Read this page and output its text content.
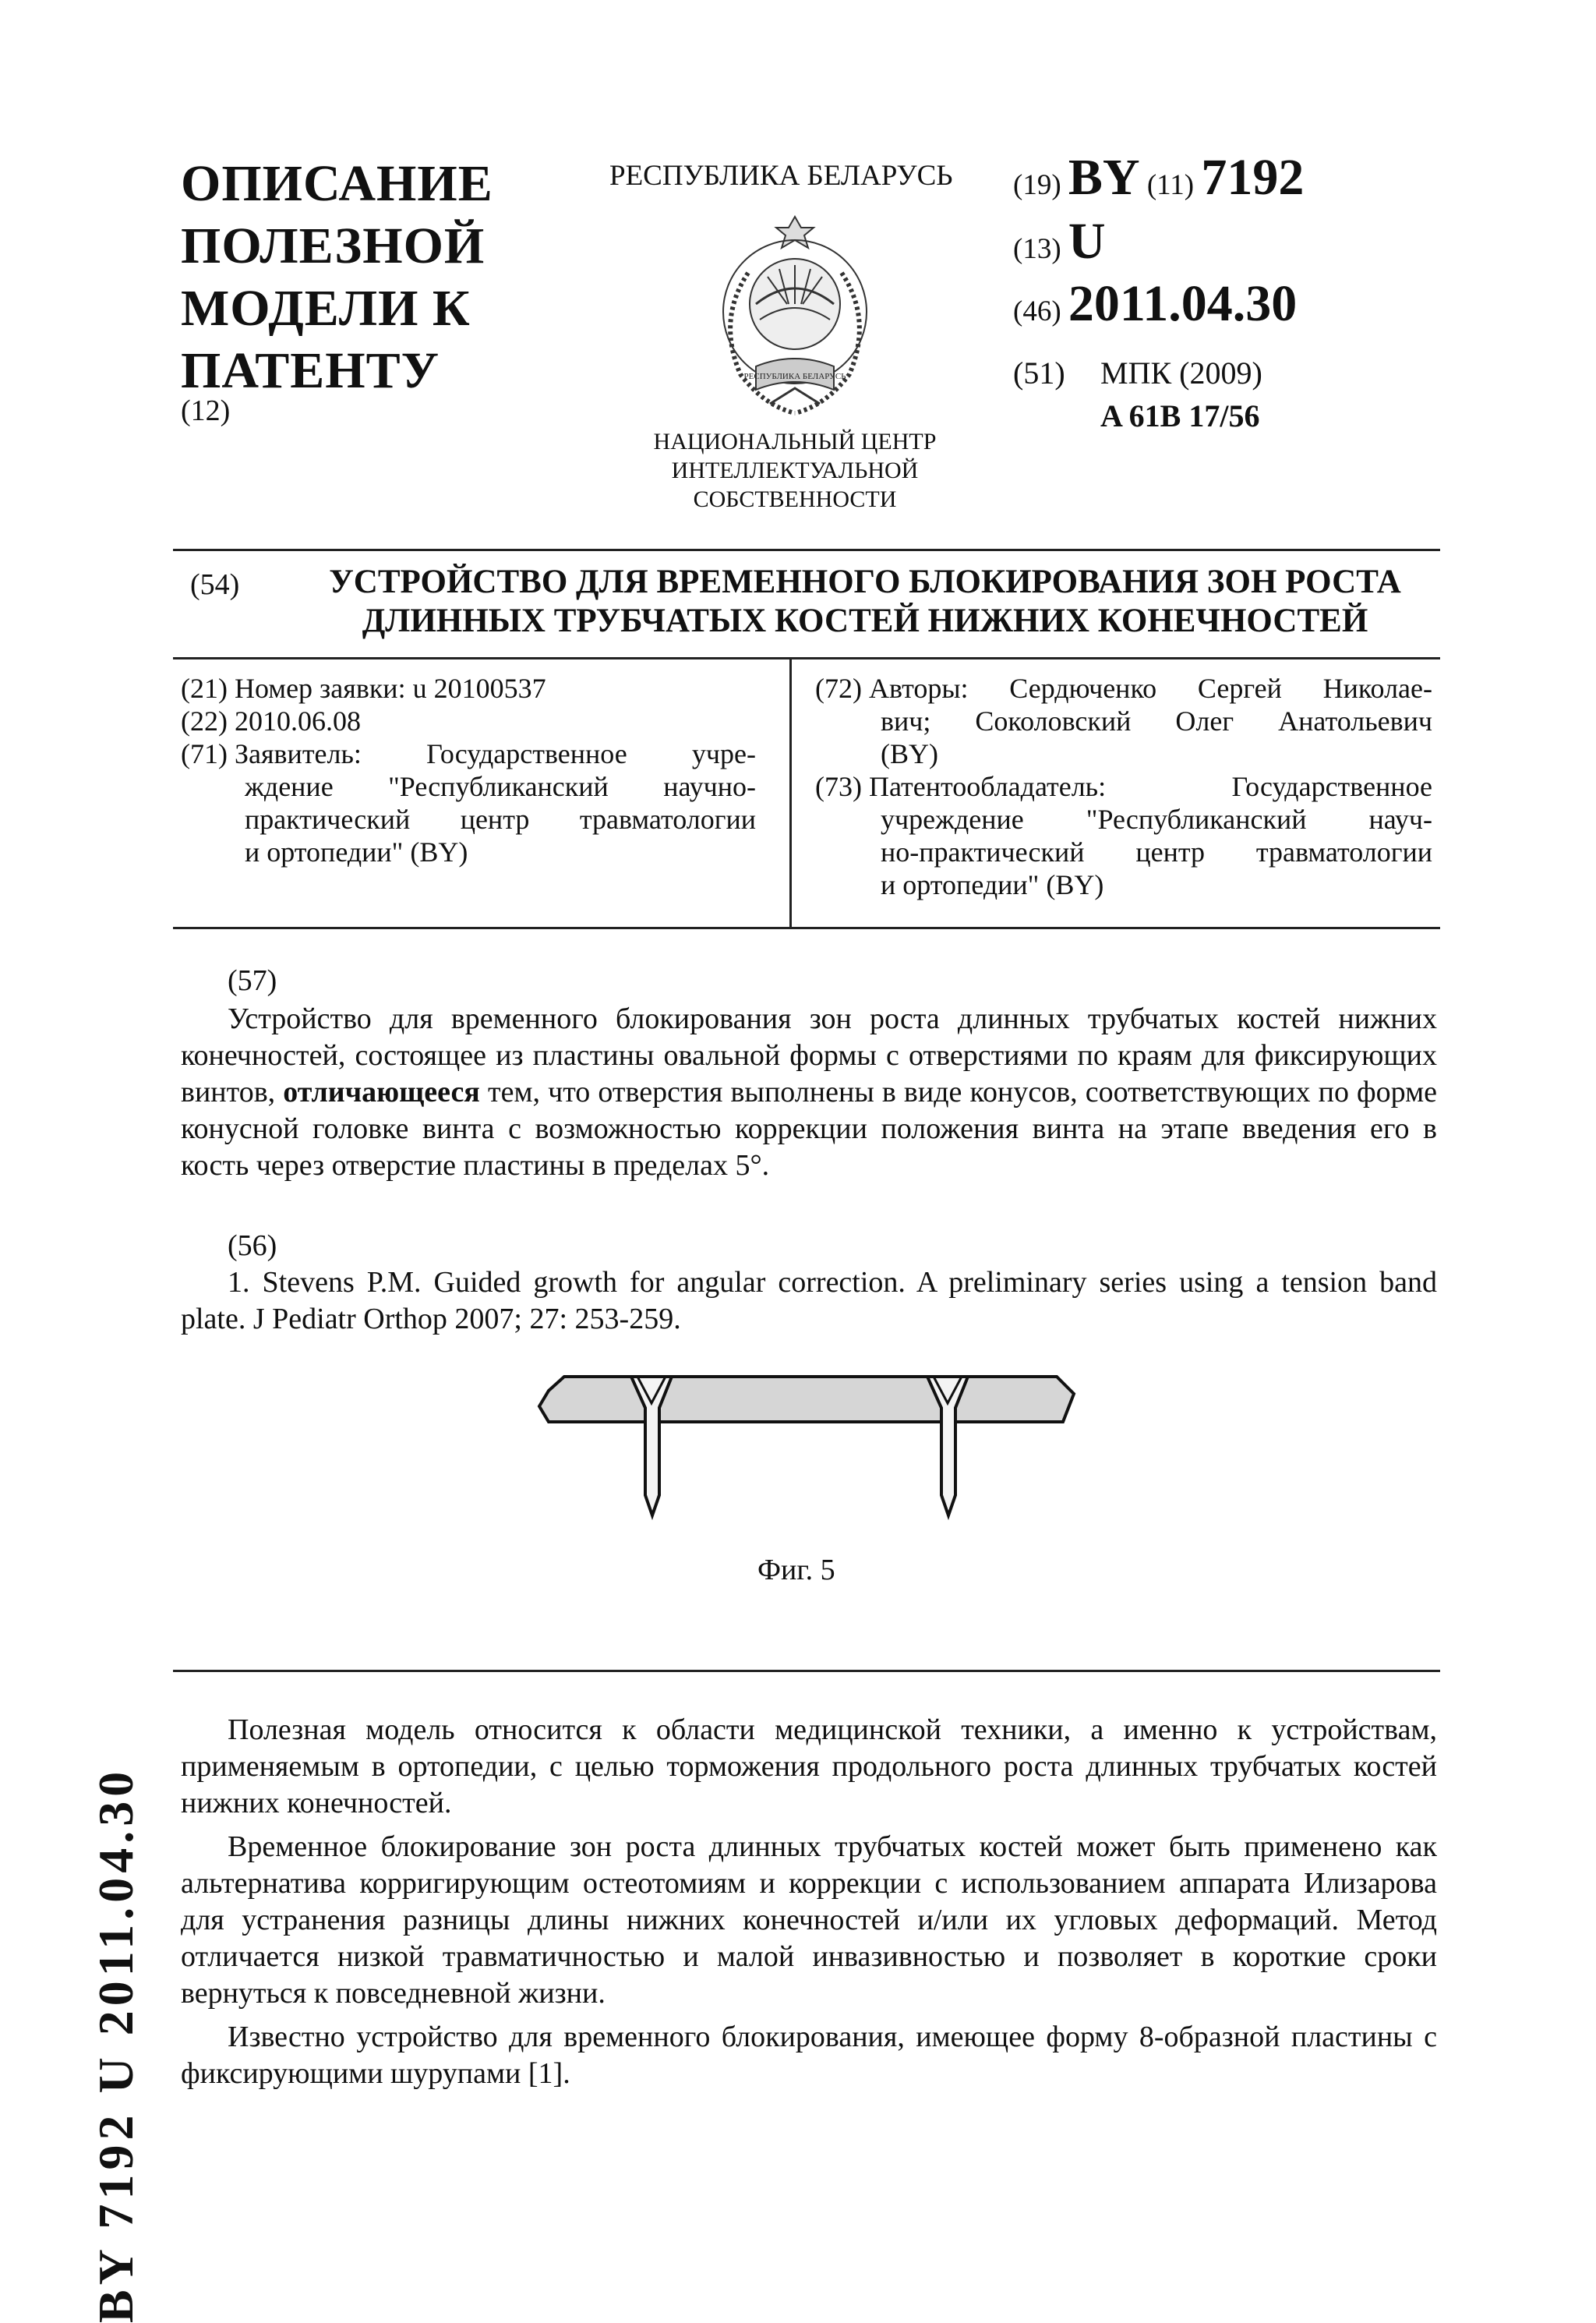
ОПИСАНИЕ ПОЛЕЗНОЙ МОДЕЛИ К ПАТЕНТУ
(12)
РЕСПУБЛИКА БЕЛАРУСЬ
РЕСПУБЛИКА БЕЛАРУСЬ
НАЦИОНАЛЬНЫЙ ЦЕНТР ИНТЕЛЛЕКТУАЛЬНОЙ СОБСТВЕННОСТИ
(19) BY (11) 7192
(13) U
(46) 2011.04.30
(51) МПК (2009)
A 61B 17/56
(54)	УСТРОЙСТВО ДЛЯ ВРЕМЕННОГО БЛОКИРОВАНИЯ ЗОН РОСТА
ДЛИННЫХ ТРУБЧАТЫХ КОСТЕЙ НИЖНИХ КОНЕЧНОСТЕЙ
(21)
Номер заявки: u 20100537
(22)
2010.06.08
(71)
Заявитель: Государственное учре-
ждение "Республиканский научно-
практический центр травматологии
и ортопедии" (BY)
(72)
Авторы: Сердюченко Сергей Николае-
вич; Соколовский Олег Анатольевич
(BY)
(73)
Патентообладатель: Государственное
учреждение "Республиканский науч-
но-практический центр травматологии
и ортопедии" (BY)
(57)
Устройство для временного блокирования зон роста длинных трубчатых костей нижних конечностей, состоящее из пластины овальной формы с отверстиями по краям для фиксирующих винтов, отличающееся тем, что отверстия выполнены в виде конусов, соответствующих по форме конусной головке винта с возможностью коррекции положения винта на этапе введения его в кость через отверстие пластины в пределах 5°.
(56)
1. Stevens P.M. Guided growth for angular correction. A preliminary series using a tension band plate. J Pediatr Orthop 2007; 27: 253-259.
Фиг. 5
Полезная модель относится к области медицинской техники, а именно к устройствам, применяемым в ортопедии, с целью торможения продольного роста длинных трубчатых костей нижних конечностей.
Временное блокирование зон роста длинных трубчатых костей может быть применено как альтернатива корригирующим остеотомиям и коррекции с использованием аппарата Илизарова для устранения разницы длины нижних конечностей и/или их угловых деформаций. Метод отличается низкой травматичностью и малой инвазивностью и позволяет в короткие сроки вернуться к повседневной жизни.
Известно устройство для временного блокирования, имеющее форму 8-образной пластины с фиксирующими шурупами [1].
BY 7192 U 2011.04.30
